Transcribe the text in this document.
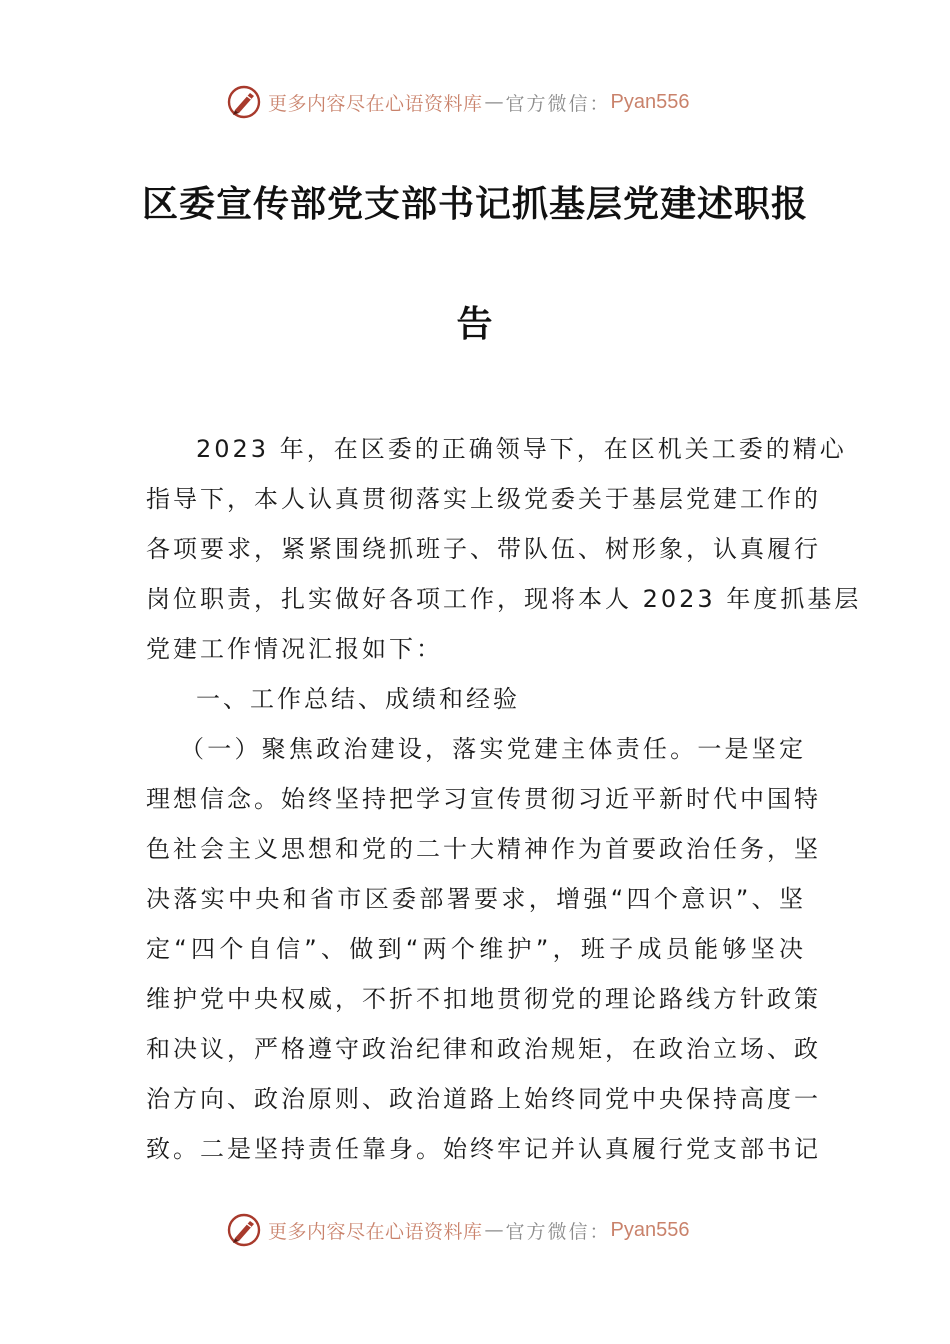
更多内容尽在心语资料库 — 官方微信： Pyan556
区委宣传部党支部书记抓基层党建述职报
告
2023 年，在区委的正确领导下，在区机关工委的精心
指导下，本人认真贯彻落实上级党委关于基层党建工作的
各项要求，紧紧围绕抓班子、带队伍、树形象，认真履行
岗位职责，扎实做好各项工作，现将本人 2023 年度抓基层
党建工作情况汇报如下：
一、工作总结、成绩和经验
（一）聚焦政治建设，落实党建主体责任。一是坚定
理想信念。始终坚持把学习宣传贯彻习近平新时代中国特
色社会主义思想和党的二十大精神作为首要政治任务，坚
决落实中央和省市区委部署要求，增强“四个意识”、坚
定“四个自信”、做到“两个维护”，班子成员能够坚决
维护党中央权威，不折不扣地贯彻党的理论路线方针政策
和决议，严格遵守政治纪律和政治规矩，在政治立场、政
治方向、政治原则、政治道路上始终同党中央保持高度一
致。二是坚持责任靠身。始终牢记并认真履行党支部书记
更多内容尽在心语资料库 — 官方微信： Pyan556
